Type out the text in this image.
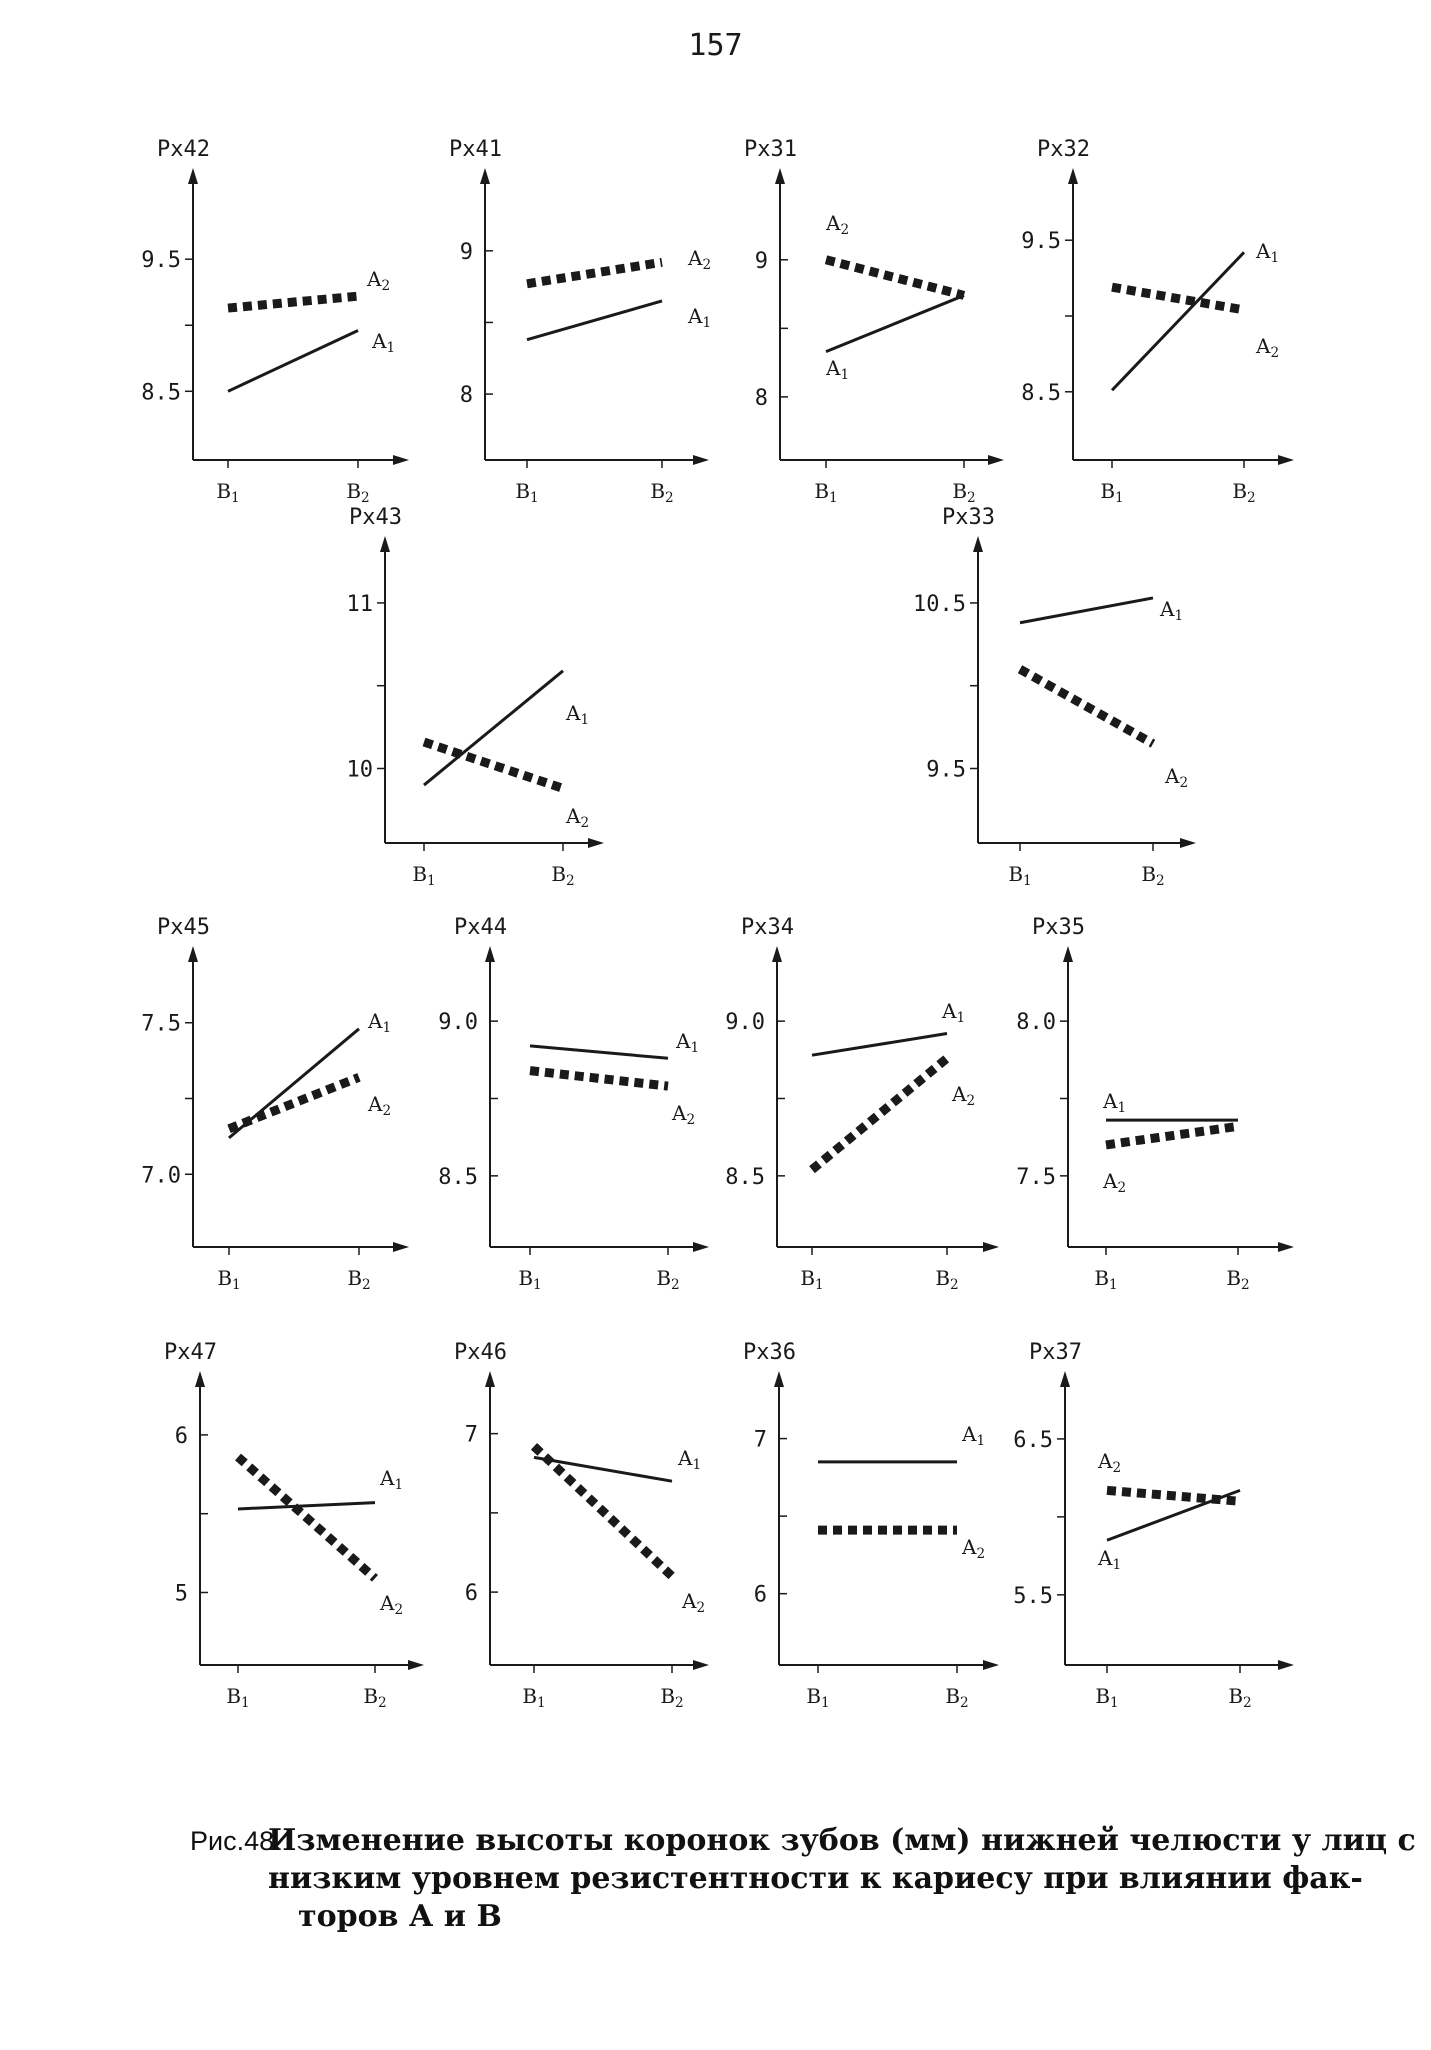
157
Px42
9.5
8.5
$B_1$	$B_2$
$A_1$
$A_2$
Px41
9
8
$B_1$	$B_2$
$A_1$
$A_2$
Px31
9
8
$B_1$	$B_2$
$A_1$
$A_2$
Px32
9.5
8.5
$B_1$	$B_2$
$A_1$
$A_2$
Px43
11
10
$B_1$	$B_2$
$A_1$
$A_2$
Px33
10.5
9.5
$B_1$	$B_2$
$A_1$
$A_2$
Px45
7.5
7.0
$B_1$	$B_2$
$A_1$
$A_2$
Px44
9.0
8.5
$B_1$	$B_2$
$A_1$
$A_2$
Px34
9.0
8.5
$B_1$	$B_2$
$A_1$
$A_2$
Px35
8.0
7.5
$B_1$	$B_2$
$A_1$
$A_2$
Px47
6
5
$B_1$	$B_2$
$A_1$
$A_2$
Px46
7
6
$B_1$	$B_2$
$A_1$
$A_2$
Px36
7
6
$B_1$	$B_2$
$A_1$
$A_2$
Px37
6.5
5.5
$B_1$	$B_2$
$A_1$
$A_2$
Рис.48.
Изменение высоты коронок зубов (мм) нижней челюсти у лиц с
низким уровнем резистентности к кариесу при влиянии фак-
торов А и В
